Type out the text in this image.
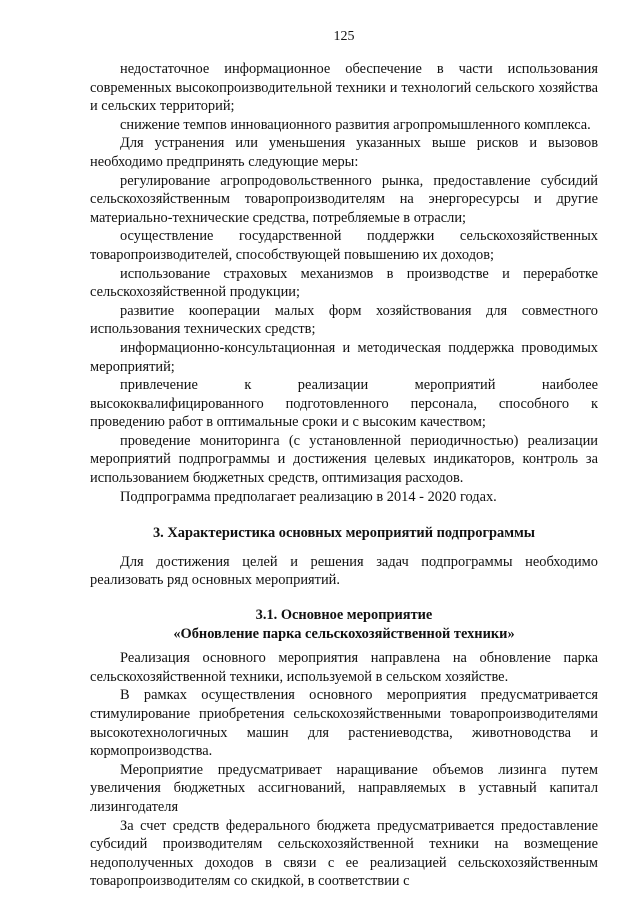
125

недостаточное информационное обеспечение в части использования современных высокопроизводительной техники и технологий сельского хозяйства и сельских территорий;

снижение темпов инновационного развития агропромышленного комплекса.

Для устранения или уменьшения указанных выше рисков и вызовов необходимо предпринять следующие меры:

регулирование агропродовольственного рынка, предоставление субсидий сельскохозяйственным товаропроизводителям на энергоресурсы и другие материально-технические средства, потребляемые в отрасли;

осуществление государственной поддержки сельскохозяйственных товаропроизводителей, способствующей повышению их доходов;

использование страховых механизмов в производстве и переработке сельскохозяйственной продукции;

развитие кооперации малых форм хозяйствования для совместного использования технических средств;

информационно-консультационная и методическая поддержка проводимых мероприятий;

привлечение к реализации мероприятий наиболее высококвалифицированного подготовленного персонала, способного к проведению работ в оптимальные сроки и с высоким качеством;

проведение мониторинга (с установленной периодичностью) реализации мероприятий подпрограммы и достижения целевых индикаторов, контроль за использованием бюджетных средств, оптимизация расходов.

Подпрограмма предполагает реализацию в 2014 - 2020 годах.

3. Характеристика основных мероприятий подпрограммы

Для достижения целей и решения задач подпрограммы необходимо реализовать ряд основных мероприятий.

3.1. Основное мероприятие

«Обновление парка сельскохозяйственной техники»

Реализация основного мероприятия направлена на обновление парка сельскохозяйственной техники, используемой в сельском хозяйстве.

В рамках осуществления основного мероприятия предусматривается стимулирование приобретения сельскохозяйственными товаропроизводителями высокотехнологичных машин для растениеводства, животноводства и кормопроизводства.

Мероприятие предусматривает наращивание объемов лизинга путем увеличения бюджетных ассигнований, направляемых в уставный капитал лизингодателя

За счет средств федерального бюджета предусматривается предоставление субсидий производителям сельскохозяйственной техники на возмещение недополученных доходов в связи с ее реализацией сельскохозяйственным товаропроизводителям со скидкой, в соответствии с
